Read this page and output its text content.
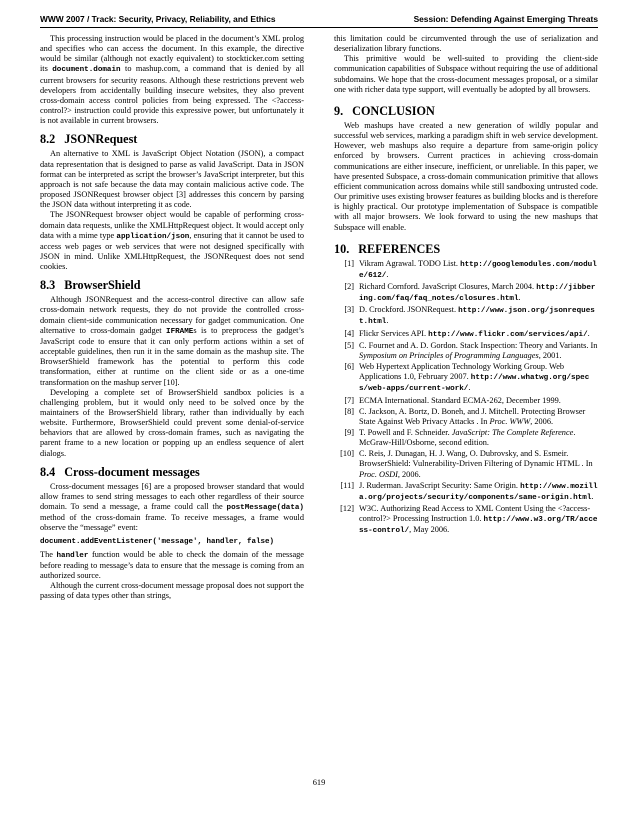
WWW 2007 / Track: Security, Privacy, Reliability, and Ethics	Session: Defending Against Emerging Threats

This processing instruction would be placed in the document’s XML prolog and specifies who can access the document. In this example, the directive would be similar (although not exactly equivalent) to stockticker.com setting its document.domain to mashup.com, a command that is denied by all current browsers for security reasons. Although these restrictions prevent web developers from accidentally building insecure websites, they also prevent cross-domain access control policies from being expressed. The <?access-control?> instruction could provide this expressive power, but unfortunately it is not available in current browsers.

8.2 JSONRequest

An alternative to XML is JavaScript Object Notation (JSON), a compact data representation that is designed to parse as valid JavaScript. Data in JSON format can be interpreted as script the browser’s JavaScript interpreter, but this approach is not safe because the data may contain malicious active code. The proposed JSONRequest browser object [3] addresses this concern by parsing the JSON data without interpreting it as code.

The JSONRequest browser object would be capable of performing cross-domain data requests, unlike the XMLHttpRequest object. It would accept only data with a mime type application/json, ensuring that it cannot be used to access web pages or web services that were not designed specifically with JSON in mind. Unlike XMLHttpRequest, the JSONRequest does not send cookies.

8.3 BrowserShield

Although JSONRequest and the access-control directive can allow safe cross-domain network requests, they do not provide the controlled cross-domain client-side communication necessary for gadget communication. One alternative to cross-domain gadget IFRAMEs is to preprocess the gadget’s JavaScript code to ensure that it can only perform actions within a set of acceptable guidelines, then run it in the same domain as the mashup site. The BrowserShield framework has the potential to perform this code transformation, either at runtime on the client side or as a one-time transformation on the mashup server [10].

Developing a complete set of BrowserShield sandbox policies is a challenging problem, but it would only need to be solved once by the maintainers of the BrowserShield library, rather than individually by each website. Furthermore, BrowserShield could prevent some denial-of-service behaviors that are allowed by cross-domain frames, such as navigating the parent frame to a new location or popping up an endless sequence of alert dialogs.

8.4 Cross-document messages

Cross-document messages [6] are a proposed browser standard that would allow frames to send string messages to each other regardless of their source domain. To send a message, a frame could call the postMessage(data) method of the cross-domain frame. To receive messages, a frame would observe the “message” event:

document.addEventListener('message', handler, false)

The handler function would be able to check the domain of the message before reading to message’s data to ensure that the message is coming from an authorized source.

Although the current cross-document message proposal does not support the passing of data types other than strings,

this limitation could be circumvented through the use of serialization and deserialization library functions.

This primitive would be well-suited to providing the client-side communication capabilities of Subspace without requiring the use of additional subdomains. We hope that the cross-document messages proposal, or a similar one with richer data type support, will eventually be adopted by all browsers.

9. CONCLUSION

Web mashups have created a new generation of wildly popular and successful web services, marking a paradigm shift in web service development. However, web mashups also require a departure from same-origin policy enforced by browsers. Current practices in achieving cross-domain communications are either insecure, inefficient, or unreliable. In this paper, we have presented Subspace, a cross-domain communication primitive that allows efficient communication across domains while still sandboxing untrusted code. Our primitive uses existing browser features as building blocks and is therefore is highly practical. Our prototype implementation of Subspace is compatible with all major browsers. We look forward to using the new mashups that Subspace will enable.

10. REFERENCES
[1] Vikram Agrawal. TODO List. http://googlemodules.com/module/612/.
[2] Richard Cornford. JavaScript Closures, March 2004. http://jibbering.com/faq/faq_notes/closures.html.
[3] D. Crockford. JSONRequest. http://www.json.org/jsonrequest.html.
[4] Flickr Services API. http://www.flickr.com/services/api/.
[5] C. Fournet and A. D. Gordon. Stack Inspection: Theory and Variants. In Symposium on Principles of Programming Languages, 2001.
[6] Web Hypertext Application Technology Working Group. Web Applications 1.0, February 2007. http://www.whatwg.org/specs/web-apps/current-work/.
[7] ECMA International. Standard ECMA-262, December 1999.
[8] C. Jackson, A. Bortz, D. Boneh, and J. Mitchell. Protecting Browser State Against Web Privacy Attacks . In Proc. WWW, 2006.
[9] T. Powell and F. Schneider. JavaScript: The Complete Reference. McGraw-Hill/Osborne, second edition.
[10] C. Reis, J. Dunagan, H. J. Wang, O. Dubrovsky, and S. Esmeir. BrowserShield: Vulnerability-Driven Filtering of Dynamic HTML . In Proc. OSDI, 2006.
[11] J. Ruderman. JavaScript Security: Same Origin. http://www.mozilla.org/projects/security/components/same-origin.html.
[12] W3C. Authorizing Read Access to XML Content Using the <?access-control?> Processing Instruction 1.0. http://www.w3.org/TR/access-control/, May 2006.
619
